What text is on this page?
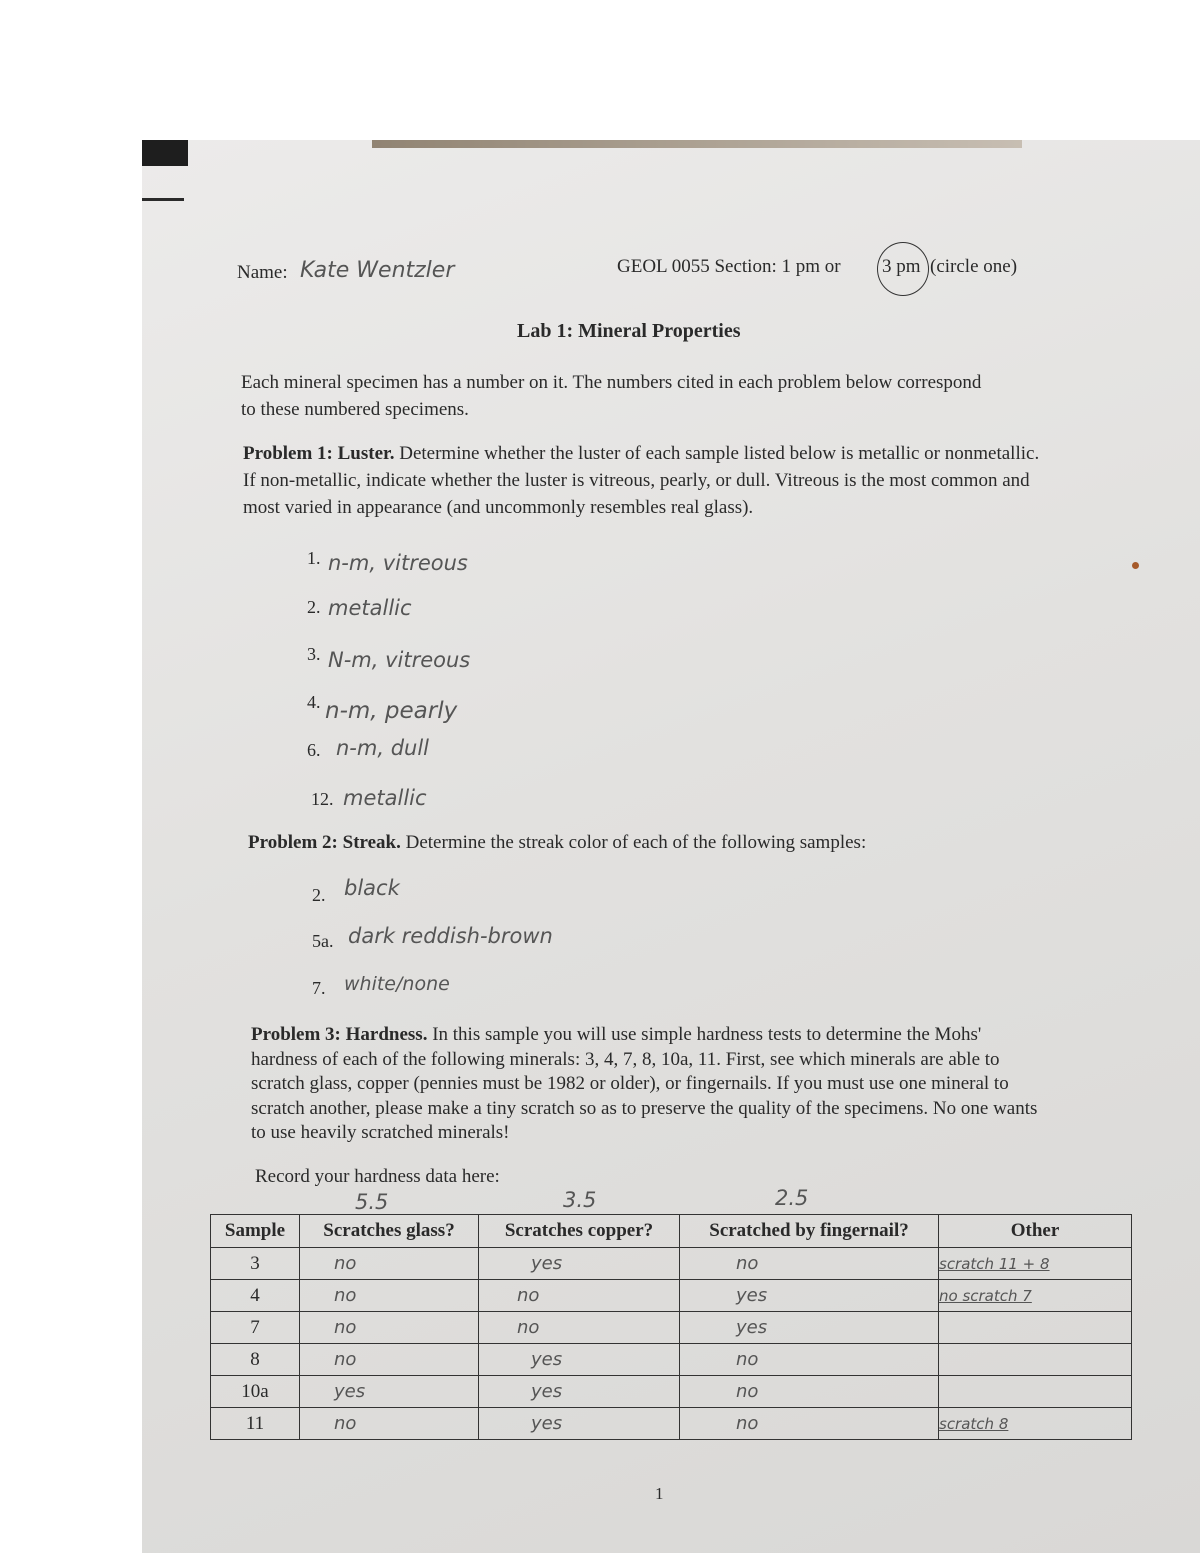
Name: Kate Wentzler	GEOL 0055 Section: 1 pm or 3 pm (circle one)
Lab 1: Mineral Properties
Each mineral specimen has a number on it. The numbers cited in each problem below correspond to these numbered specimens.
Problem 1: Luster. Determine whether the luster of each sample listed below is metallic or nonmetallic. If non-metallic, indicate whether the luster is vitreous, pearly, or dull. Vitreous is the most common and most varied in appearance (and uncommonly resembles real glass).
1. n-m, vitreous
2. metallic
3. N-m, vitreous
4. n-m, pearly
6. n-m, dull
12. metallic
Problem 2: Streak. Determine the streak color of each of the following samples:
2. black
5a. dark reddish-brown
7. white/none
Problem 3: Hardness. In this sample you will use simple hardness tests to determine the Mohs' hardness of each of the following minerals: 3, 4, 7, 8, 10a, 11. First, see which minerals are able to scratch glass, copper (pennies must be 1982 or older), or fingernails. If you must use one mineral to scratch another, please make a tiny scratch so as to preserve the quality of the specimens. No one wants to use heavily scratched minerals!
Record your hardness data here:
5.5	3.5	2.5
Sample	Scratches glass?	Scratches copper?	Scratched by fingernail?	Other
3	no	yes	no	scratch 11 + 8
4	no	no	yes	no scratch 7
7	no	no	yes	
8	no	yes	no	
10a	yes	yes	no	
11	no	yes	no	scratch 8
1
